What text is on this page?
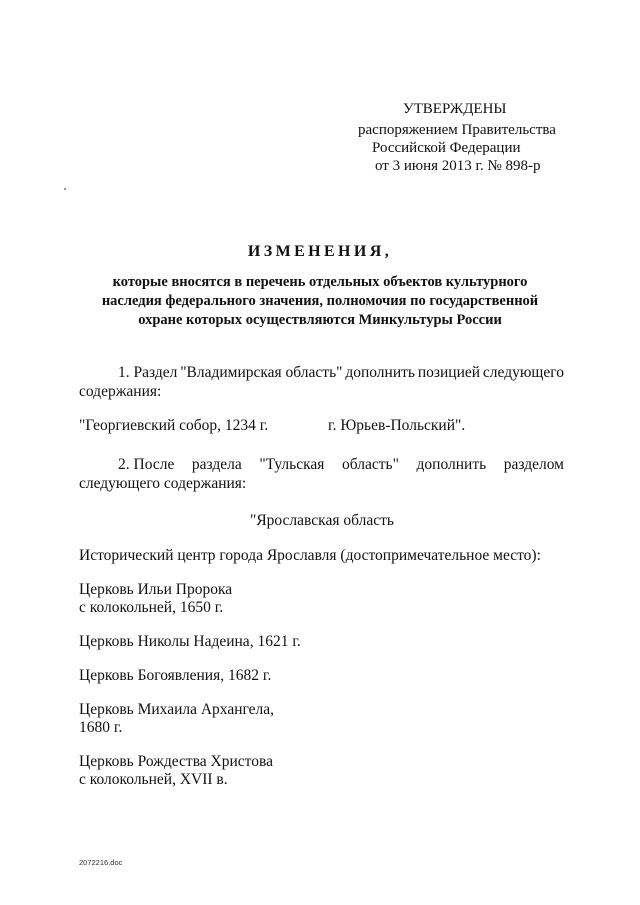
УТВЕРЖДЕНЫ
распоряжением Правительства
Российской Федерации
от 3 июня 2013 г. № 898-р
ИЗМЕНЕНИЯ,
которые вносятся в перечень отдельных объектов культурного
наследия федерального значения, полномочия по государственной
охране которых осуществляются Минкультуры России
1. Раздел "Владимирская область" дополнить позицией следующего
содержания:
"Георгиевский собор, 1234 г.	г. Юрьев-Польский".
2. После раздела "Тульская область" дополнить разделом
следующего содержания:
"Ярославская область
Исторический центр города Ярославля (достопримечательное место):
Церковь Ильи Пророка
с колокольней, 1650 г.
Церковь Николы Надеина, 1621 г.
Церковь Богоявления, 1682 г.
Церковь Михаила Архангела,
1680 г.
Церковь Рождества Христова
с колокольней, XVII в.
2072216.doc
